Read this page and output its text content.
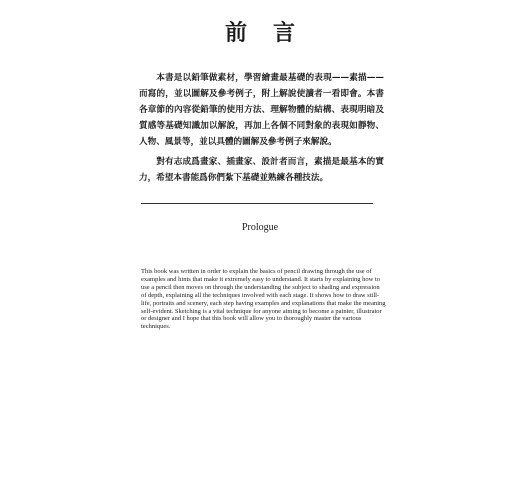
前言

本書是以鉛筆做素材，學習繪畫最基礎的表現——素描——而寫的，並以圖解及參考例子，附上解說使讀者一看即會。本書各章節的內容從鉛筆的使用方法、理解物體的結構、表現明暗及質感等基礎知識加以解說，再加上各個不同對象的表現如靜物、人物、風景等，並以具體的圖解及參考例子來解說。

對有志成爲畫家、插畫家、設計者而言，素描是最基本的實力，希望本書能爲你們紮下基礎並熟練各種技法。

Prologue

This book was written in order to explain the basics of pencil drawing through the use of examples and hints that make it extremely easy to understand. It starts by explaining how to use a pencil then moves on through the understanding the subject to shading and expression of depth, explaining all the techniques involved with each stage. It shows how to draw still-life, portraits and scenery, each step having examples and explanations that make the meaning self-evident. Sketching is a vital technique for anyone aiming to become a painter, illustrator or designer and I hope that this book will allow you to thoroughly master the various techniques.
